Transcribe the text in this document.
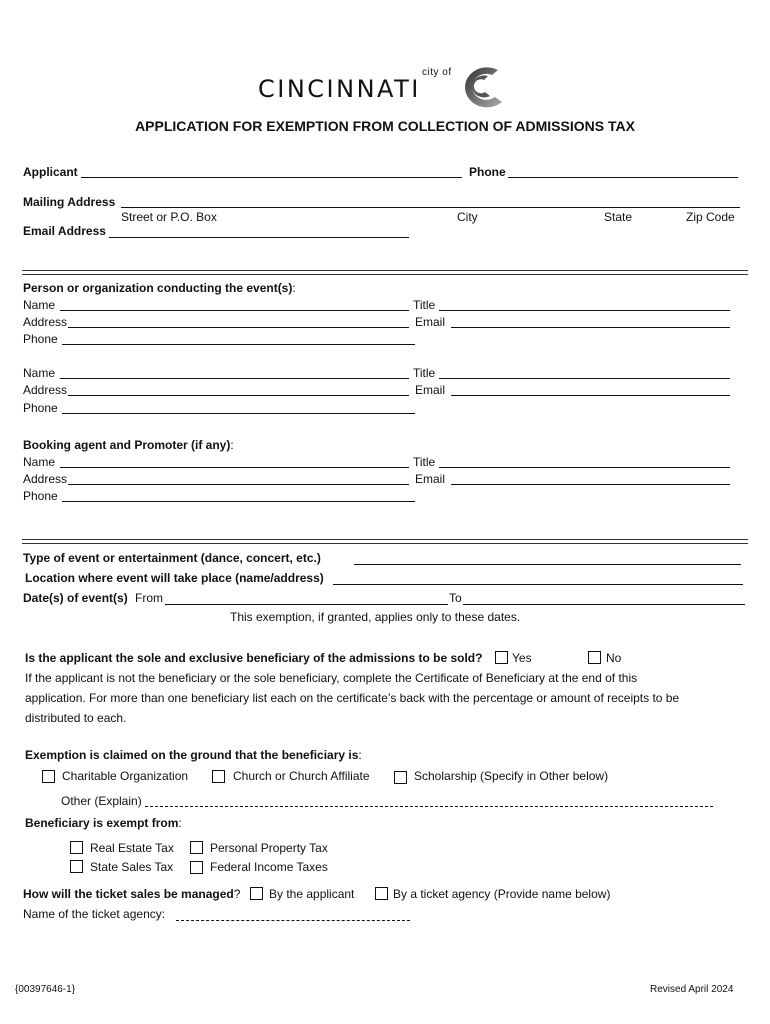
city of
CINCINNATI
APPLICATION FOR EXEMPTION FROM COLLECTION OF ADMISSIONS TAX
Applicant	Phone
Mailing Address
Street or P.O. Box	City	State	Zip Code
Email Address
Person or organization conducting the event(s):
Name	Title
Address	Email
Phone
Name	Title
Address	Email
Phone
Booking agent and Promoter (if any):
Name	Title
Address	Email
Phone
Type of event or entertainment (dance, concert, etc.)
Location where event will take place (name/address)
Date(s) of event(s) From	To
This exemption, if granted, applies only to these dates.
Is the applicant the sole and exclusive beneficiary of the admissions to be sold? Yes	No
If the applicant is not the beneficiary or the sole beneficiary, complete the Certificate of Beneficiary at the end of this
application. For more than one beneficiary list each on the certificate’s back with the percentage or amount of receipts to be
distributed to each.
Exemption is claimed on the ground that the beneficiary is:
Charitable Organization	Church or Church Affiliate	Scholarship (Specify in Other below)
Other (Explain)
Beneficiary is exempt from:
Real Estate Tax	Personal Property Tax
State Sales Tax	Federal Income Taxes
How will the ticket sales be managed? By the applicant	By a ticket agency (Provide name below)
Name of the ticket agency:
{00397646-1}	Revised April 2024
